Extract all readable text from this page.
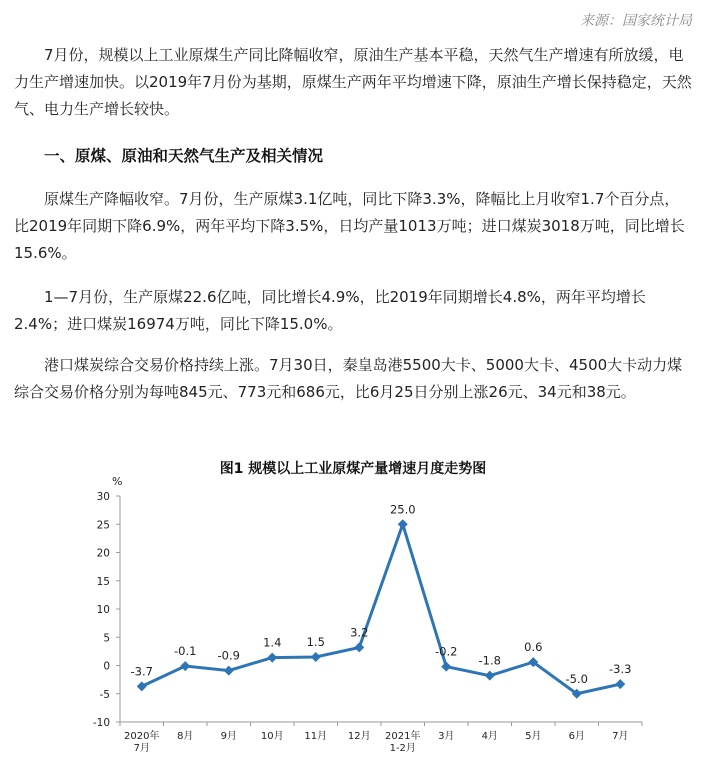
来源：国家统计局

7月份，规模以上工业原煤生产同比降幅收窄，原油生产基本平稳，天然气生产增速有所放缓，电力生产增速加快。以2019年7月份为基期，原煤生产两年平均增速下降，原油生产增长保持稳定，天然气、电力生产增长较快。

一、原煤、原油和天然气生产及相关情况

原煤生产降幅收窄。7月份，生产原煤3.1亿吨，同比下降3.3%，降幅比上月收窄1.7个百分点，比2019年同期下降6.9%，两年平均下降3.5%，日均产量1013万吨；进口煤炭3018万吨，同比增长15.6%。

1—7月份，生产原煤22.6亿吨，同比增长4.9%，比2019年同期增长4.8%，两年平均增长2.4%；进口煤炭16974万吨，同比下降15.0%。

港口煤炭综合交易价格持续上涨。7月30日，秦皇岛港5500大卡、5000大卡、4500大卡动力煤综合交易价格分别为每吨845元、773元和686元，比6月25日分别上涨26元、34元和38元。

图1 规模以上工业原煤产量增速月度走势图
%
30
25
20
15
10
5
0
-5
-10
2020年 7月
8月	9月 10月 11月 12月 2021年 1-2月
3月	4月	5月	6月	7月
-3.7
-0.1 -0.9
1.4 1.5
3.2
25.0
-0.2
-1.8
0.6
-5.0
-3.3
